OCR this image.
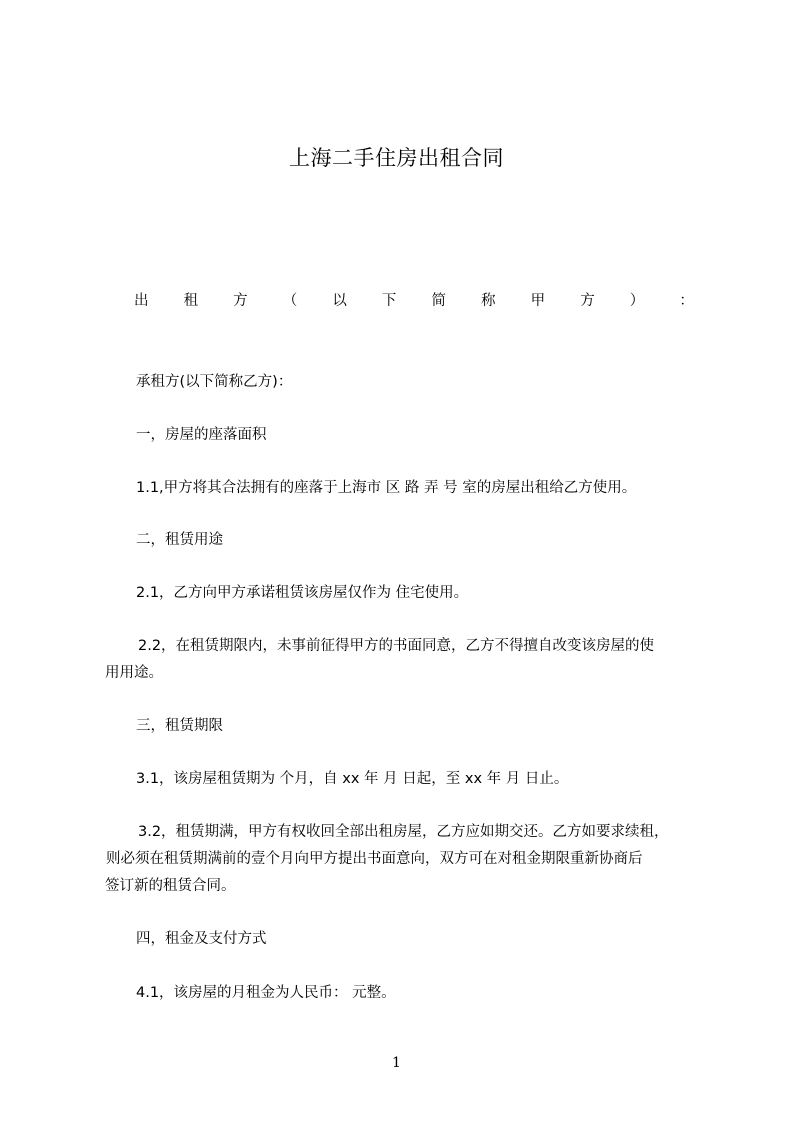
上海二手住房出租合同
出 租 方 （ 以 下 简 称 甲 方 ） ：
承租方(以下简称乙方)：
一，房屋的座落面积
1.1,甲方将其合法拥有的座落于上海市 区 路 弄 号 室的房屋出租给乙方使用。
二，租赁用途
2.1，乙方向甲方承诺租赁该房屋仅作为 住宅使用。
2.2，在租赁期限内，未事前征得甲方的书面同意，乙方不得擅自改变该房屋的使
用用途。
三，租赁期限
3.1，该房屋租赁期为 个月，自 xx 年 月 日起，至 xx 年 月 日止。
3.2，租赁期满，甲方有权收回全部出租房屋，乙方应如期交还。乙方如要求续租，
则必须在租赁期满前的壹个月向甲方提出书面意向，双方可在对租金期限重新协商后
签订新的租赁合同。
四，租金及支付方式
4.1，该房屋的月租金为人民币： 元整。
1
